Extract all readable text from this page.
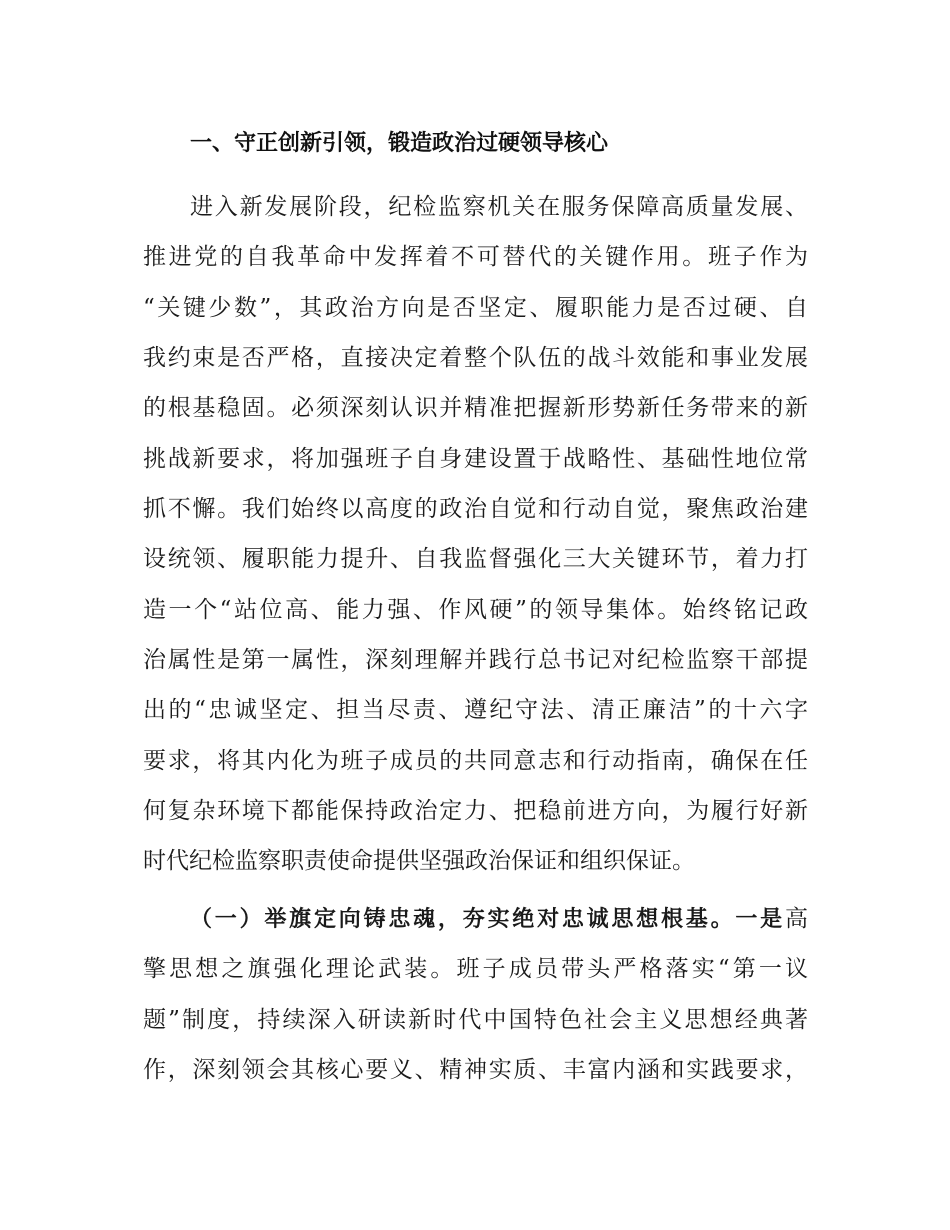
一、守正创新引领，锻造政治过硬领导核心
进入新发展阶段，纪检监察机关在服务保障高质量发展、
推进党的自我革命中发挥着不可替代的关键作用。班子作为
“关键少数”，其政治方向是否坚定、履职能力是否过硬、自
我约束是否严格，直接决定着整个队伍的战斗效能和事业发展
的根基稳固。必须深刻认识并精准把握新形势新任务带来的新
挑战新要求，将加强班子自身建设置于战略性、基础性地位常
抓不懈。我们始终以高度的政治自觉和行动自觉，聚焦政治建
设统领、履职能力提升、自我监督强化三大关键环节，着力打
造一个“站位高、能力强、作风硬”的领导集体。始终铭记政
治属性是第一属性，深刻理解并践行总书记对纪检监察干部提
出的“忠诚坚定、担当尽责、遵纪守法、清正廉洁”的十六字
要求，将其内化为班子成员的共同意志和行动指南，确保在任
何复杂环境下都能保持政治定力、把稳前进方向，为履行好新
时代纪检监察职责使命提供坚强政治保证和组织保证。
（一）举旗定向铸忠魂，夯实绝对忠诚思想根基。一是高
擎思想之旗强化理论武装。班子成员带头严格落实“第一议
题”制度，持续深入研读新时代中国特色社会主义思想经典著
作，深刻领会其核心要义、精神实质、丰富内涵和实践要求，
